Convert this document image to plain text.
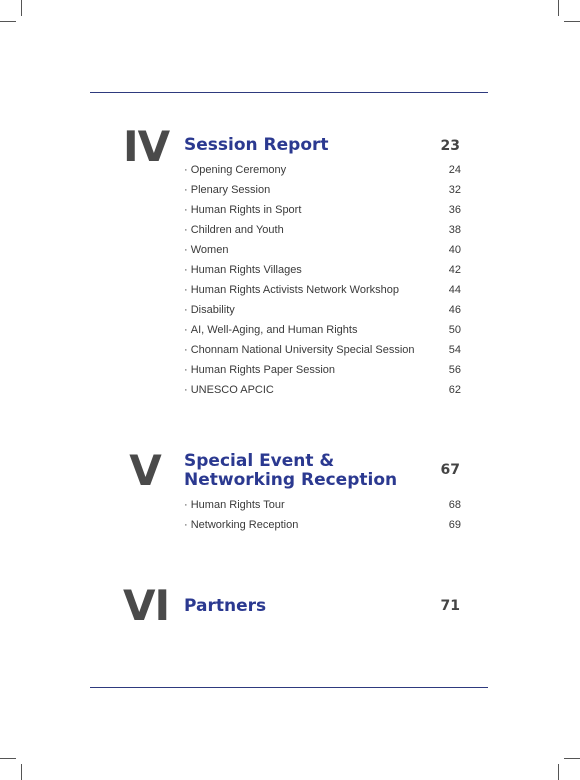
IV Session Report	23
· Opening Ceremony	24
· Plenary Session	32
· Human Rights in Sport	36
· Children and Youth	38
· Women	40
· Human Rights Villages	42
· Human Rights Activists Network Workshop	44
· Disability	46
· AI, Well-Aging, and Human Rights	50
· Chonnam National University Special Session	54
· Human Rights Paper Session	56
· UNESCO APCIC	62
V	Special Event &
Networking Reception	67
· Human Rights Tour	68
· Networking Reception	69
VI Partners	71
